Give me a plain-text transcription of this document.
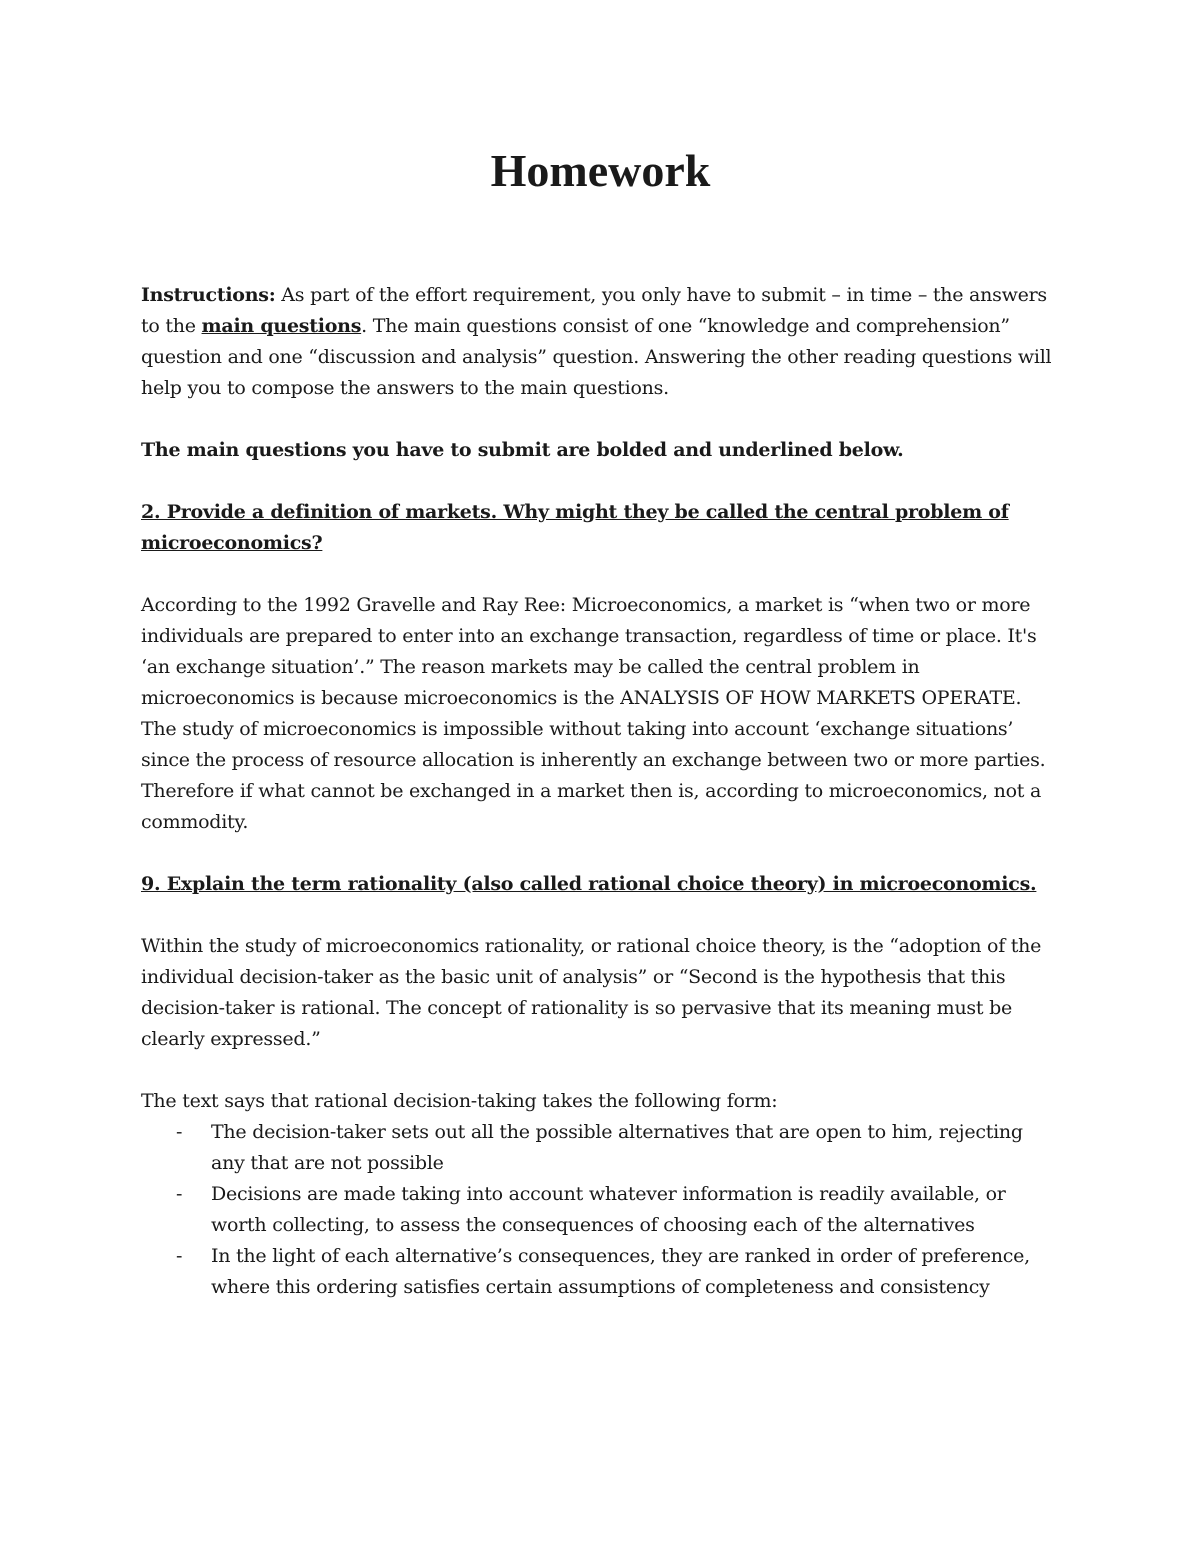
Homework

Instructions: As part of the effort requirement, you only have to submit – in time – the answers to the main questions. The main questions consist of one “knowledge and comprehension” question and one “discussion and analysis” question. Answering the other reading questions will help you to compose the answers to the main questions.

The main questions you have to submit are bolded and underlined below.

2. Provide a definition of markets. Why might they be called the central problem of microeconomics?

According to the 1992 Gravelle and Ray Ree: Microeconomics, a market is “when two or more individuals are prepared to enter into an exchange transaction, regardless of time or place. It's ‘an exchange situation’.” The reason markets may be called the central problem in microeconomics is because microeconomics is the ANALYSIS OF HOW MARKETS OPERATE. The study of microeconomics is impossible without taking into account ‘exchange situations’ since the process of resource allocation is inherently an exchange between two or more parties. Therefore if what cannot be exchanged in a market then is, according to microeconomics, not a commodity.

9. Explain the term rationality (also called rational choice theory) in microeconomics.

Within the study of microeconomics rationality, or rational choice theory, is the “adoption of the individual decision-taker as the basic unit of analysis” or “Second is the hypothesis that this decision-taker is rational. The concept of rationality is so pervasive that its meaning must be clearly expressed.”

The text says that rational decision-taking takes the following form:

- The decision-taker sets out all the possible alternatives that are open to him, rejecting any that are not possible
- Decisions are made taking into account whatever information is readily available, or worth collecting, to assess the consequences of choosing each of the alternatives
- In the light of each alternative’s consequences, they are ranked in order of preference, where this ordering satisfies certain assumptions of completeness and consistency
